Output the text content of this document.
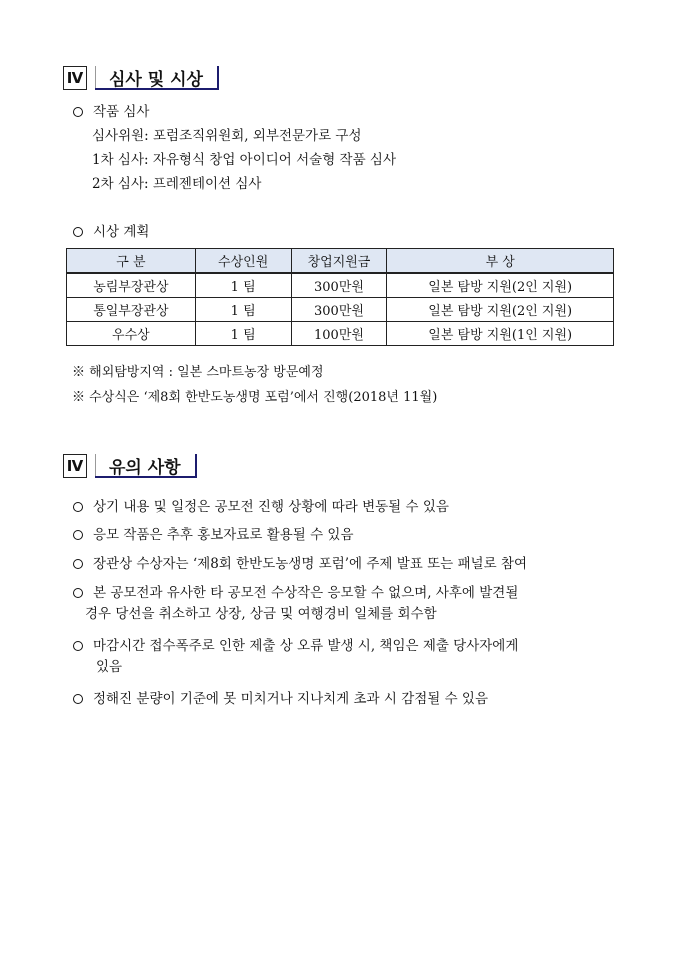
Ⅳ	심사 및 시상
작품 심사
심사위원: 포럼조직위원회, 외부전문가로 구성
1차 심사: 자유형식 창업 아이디어 서술형 작품 심사
2차 심사: 프레젠테이션 심사
시상 계획
구 분	수상인원	창업지원금	부 상
농림부장관상	1 팀	300만원	일본 탐방 지원(2인 지원)
통일부장관상	1 팀	300만원	일본 탐방 지원(2인 지원)
우수상	1 팀	100만원	일본 탐방 지원(1인 지원)
※ 해외탐방지역 : 일본 스마트농장 방문예정
※ 수상식은 ‘제8회 한반도농생명 포럼’에서 진행(2018년 11월)
Ⅳ	유의 사항
상기 내용 및 일정은 공모전 진행 상황에 따라 변동될 수 있음
응모 작품은 추후 홍보자료로 활용될 수 있음
장관상 수상자는 ‘제8회 한반도농생명 포럼’에 주제 발표 또는 패널로 참여
본 공모전과 유사한 타 공모전 수상작은 응모할 수 없으며, 사후에 발견될
경우 당선을 취소하고 상장, 상금 및 여행경비 일체를 회수함
마감시간 접수폭주로 인한 제출 상 오류 발생 시, 책임은 제출 당사자에게
있음
정해진 분량이 기준에 못 미치거나 지나치게 초과 시 감점될 수 있음
